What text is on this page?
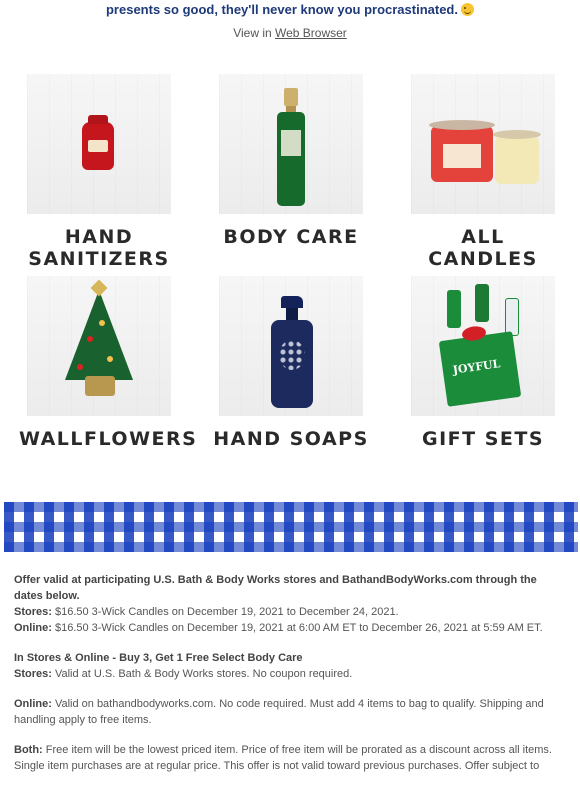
presents so good, they'll never know you procrastinated.
View in Web Browser
HAND SANITIZERS
BODY CARE	ALL CANDLES
WALLFLOWERS HAND SOAPS
JOYFUL	GIFT SETS

Offer valid at participating U.S. Bath & Body Works stores and BathandBodyWorks.com through the dates below.

Stores: $16.50 3-Wick Candles on December 19, 2021 to December 24, 2021.

Online: $16.50 3-Wick Candles on December 19, 2021 at 6:00 AM ET to December 26, 2021 at 5:59 AM ET.

In Stores & Online - Buy 3, Get 1 Free Select Body Care

Stores: Valid at U.S. Bath & Body Works stores. No coupon required.

Online: Valid on bathandbodyworks.com. No code required. Must add 4 items to bag to qualify. Shipping and handling apply to free items.

Both: Free item will be the lowest priced item. Price of free item will be prorated as a discount across all items. Single item purchases are at regular price. This offer is not valid toward previous purchases. Offer subject to
